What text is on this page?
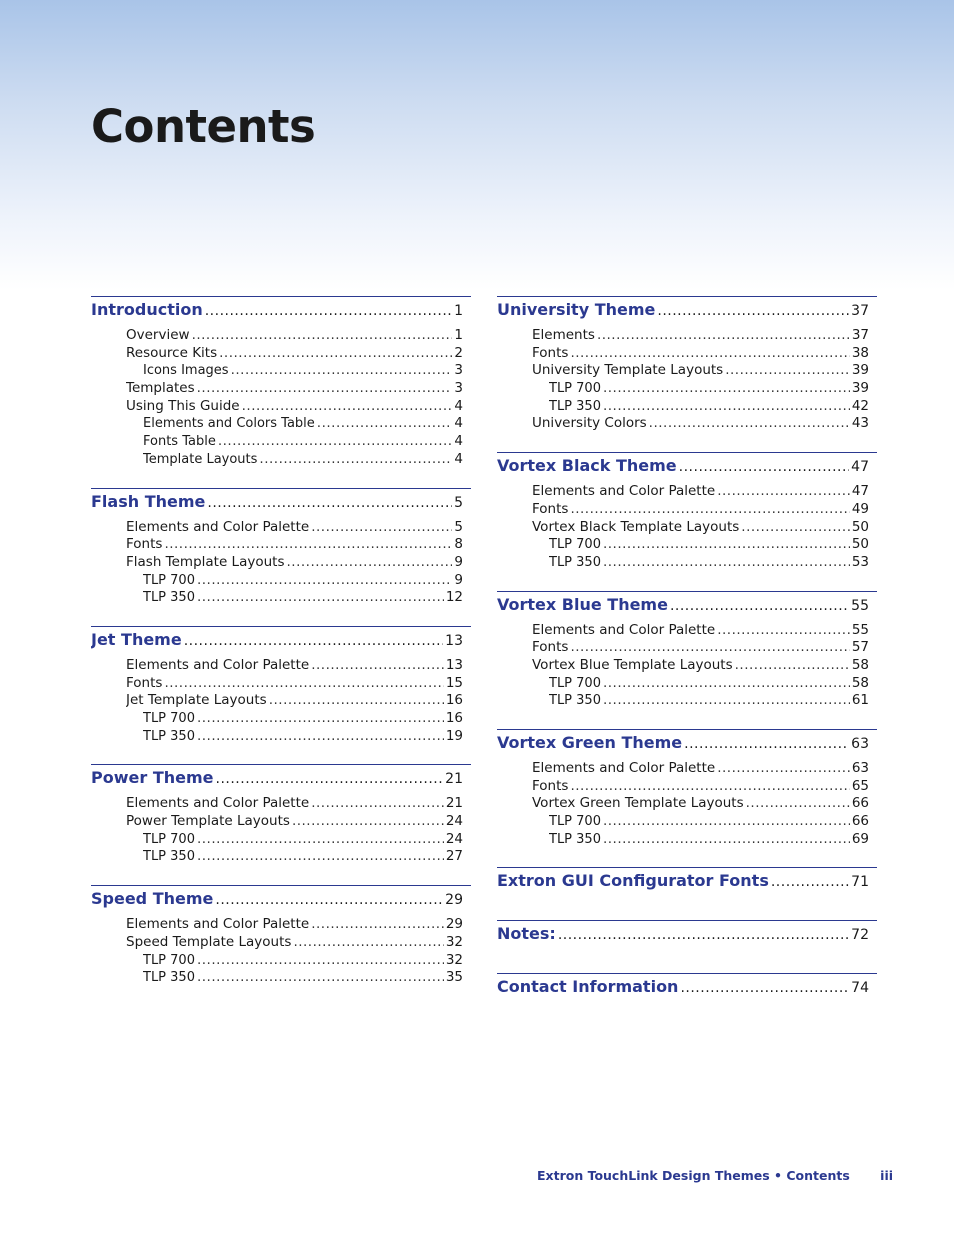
Contents
Introduction .....	1
Overview .....	1
Resource Kits .....	2
Icons Images .....	3
Templates .....	3
Using This Guide .....	4
Elements and Colors Table .....	4
Fonts Table .....	4
Template Layouts .....	4
Flash Theme .....	5
Elements and Color Palette .....	5
Fonts .....	8
Flash Template Layouts .....	9
TLP 700 .....	9
TLP 350 .....	12
Jet Theme .....	13
Elements and Color Palette .....	13
Fonts .....	15
Jet Template Layouts .....	16
TLP 700 .....	16
TLP 350 .....	19
Power Theme .....	21
Elements and Color Palette .....	21
Power Template Layouts .....	24
TLP 700 .....	24
TLP 350 .....	27
Speed Theme .....	29
Elements and Color Palette .....	29
Speed Template Layouts .....	32
TLP 700 .....	32
TLP 350 .....	35
University Theme .....	37
Elements .....	37
Fonts .....	38
University Template Layouts .....	39
TLP 700 .....	39
TLP 350 .....	42
University Colors .....	43
Vortex Black Theme .....	47
Elements and Color Palette .....	47
Fonts .....	49
Vortex Black Template Layouts .....	50
TLP 700 .....	50
TLP 350 .....	53
Vortex Blue Theme .....	55
Elements and Color Palette .....	55
Fonts .....	57
Vortex Blue Template Layouts .....	58
TLP 700 .....	58
TLP 350 .....	61
Vortex Green Theme .....	63
Elements and Color Palette .....	63
Fonts .....	65
Vortex Green Template Layouts .....	66
TLP 700 .....	66
TLP 350 .....	69
Extron GUI Configurator Fonts .....	71
Notes: .....	72
Contact Information .....	74
Extron TouchLink Design Themes • Contents iii
